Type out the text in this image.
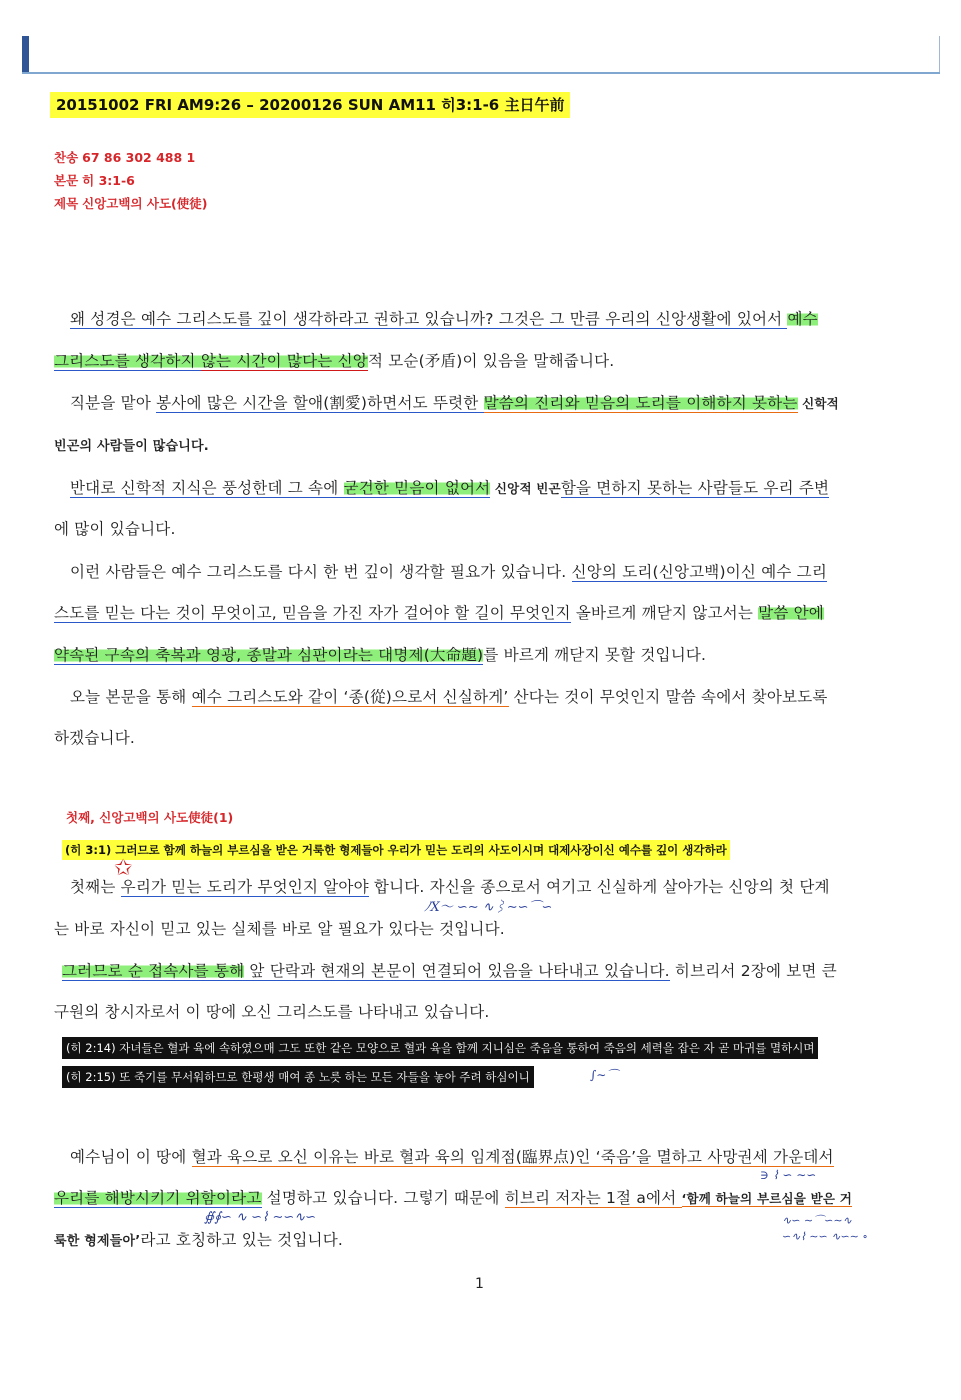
20151002 FRI AM9:26 – 20200126 SUN AM11 히3:1-6 主日午前
찬송 67 86 302 488 1
본문 히 3:1-6
제목 신앙고백의 사도(使徒)
왜 성경은 예수 그리스도를 깊이 생각하라고 권하고 있습니까? 그것은 그 만큼 우리의 신앙생활에 있어서 예수
그리스도를 생각하지 않는 시간이 많다는 신앙적 모순(矛盾)이 있음을 말해줍니다.
직분을 맡아 봉사에 많은 시간을 할애(割愛)하면서도 뚜렷한 말씀의 진리와 믿음의 도리를 이해하지 못하는 신학적
빈곤의 사람들이 많습니다.
반대로 신학적 지식은 풍성한데 그 속에 굳건한 믿음이 없어서 신앙적 빈곤함을 면하지 못하는 사람들도 우리 주변
에 많이 있습니다.
이런 사람들은 예수 그리스도를 다시 한 번 깊이 생각할 필요가 있습니다. 신앙의 도리(신앙고백)이신 예수 그리
스도를 믿는 다는 것이 무엇이고, 믿음을 가진 자가 걸어야 할 길이 무엇인지 올바르게 깨닫지 않고서는 말씀 안에
약속된 구속의 축복과 영광, 종말과 심판이라는 대명제(大命題)를 바르게 깨닫지 못할 것입니다.
오늘 본문을 통해 예수 그리스도와 같이 ‘종(從)으로서 신실하게’ 산다는 것이 무엇인지 말씀 속에서 찾아보도록
하겠습니다.
첫째, 신앙고백의 사도使徒(1)
(히 3:1) 그러므로 함께 하늘의 부르심을 받은 거룩한 형제들아 우리가 믿는 도리의 사도이시며 대제사장이신 예수를 깊이 생각하라
✩
첫째는 우리가 믿는 도리가 무엇인지 알아야 합니다. 자신을 종으로서 여기고 신실하게 살아가는 신앙의 첫 단계
는 바로 자신이 믿고 있는 실체를 바로 알 필요가 있다는 것입니다.
그러므로 순 접속사를 통해 앞 단락과 현재의 본문이 연결되어 있음을 나타내고 있습니다. 히브리서 2장에 보면 큰
구원의 창시자로서 이 땅에 오신 그리스도를 나타내고 있습니다.
(히 2:14) 자녀들은 혈과 육에 속하였으매 그도 또한 같은 모양으로 혈과 육을 함께 지니심은 죽음을 통하여 죽음의 세력을 잡은 자 곧 마귀를 멸하시며
(히 2:15) 또 죽기를 무서워하므로 한평생 매여 종 노릇 하는 모든 자들을 놓아 주려 하심이니
예수님이 이 땅에 혈과 육으로 오신 이유는 바로 혈과 육의 임계점(臨界点)인 ‘죽음’을 멸하고 사망권세 가운데서
우리를 해방시키기 위함이라고 설명하고 있습니다. 그렇기 때문에 히브리 저자는 1절 a에서 ‘함께 하늘의 부르심을 받은 거
룩한 형제들아’라고 호칭하고 있는 것입니다.
ﾉⅩ〜 ∽∼ ∿⌇∼∽⌒∽
∫∼⌒
∋ ⌇ ∽ ∼∽
∯∮∽ ∿ ∽⌇ ∼∽∿∽	∿∽ ∼⌒∽∼∿
∽∿⌇ ∼∽ ∿∽∼ ∘
1
